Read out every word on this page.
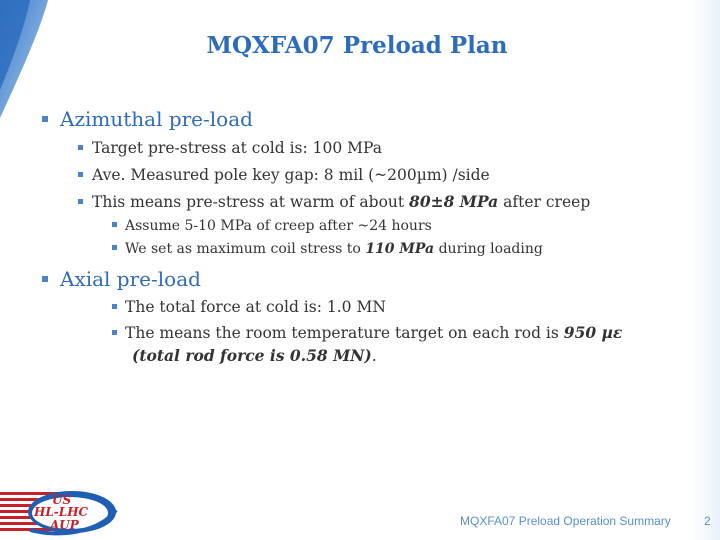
MQXFA07 Preload Plan
Azimuthal pre-load
Target pre-stress at cold is: 100 MPa
Ave. Measured pole key gap: 8 mil (~200µm) /side
This means pre-stress at warm of about 80±8 MPa after creep
Assume 5-10 MPa of creep after ~24 hours
We set as maximum coil stress to 110 MPa during loading
Axial pre-load
The total force at cold is: 1.0 MN
The means the room temperature target on each rod is 950 µε
(total rod force is 0.58 MN).
US
HL-LHC
AUP	MQXFA07 Preload Operation Summary	2
